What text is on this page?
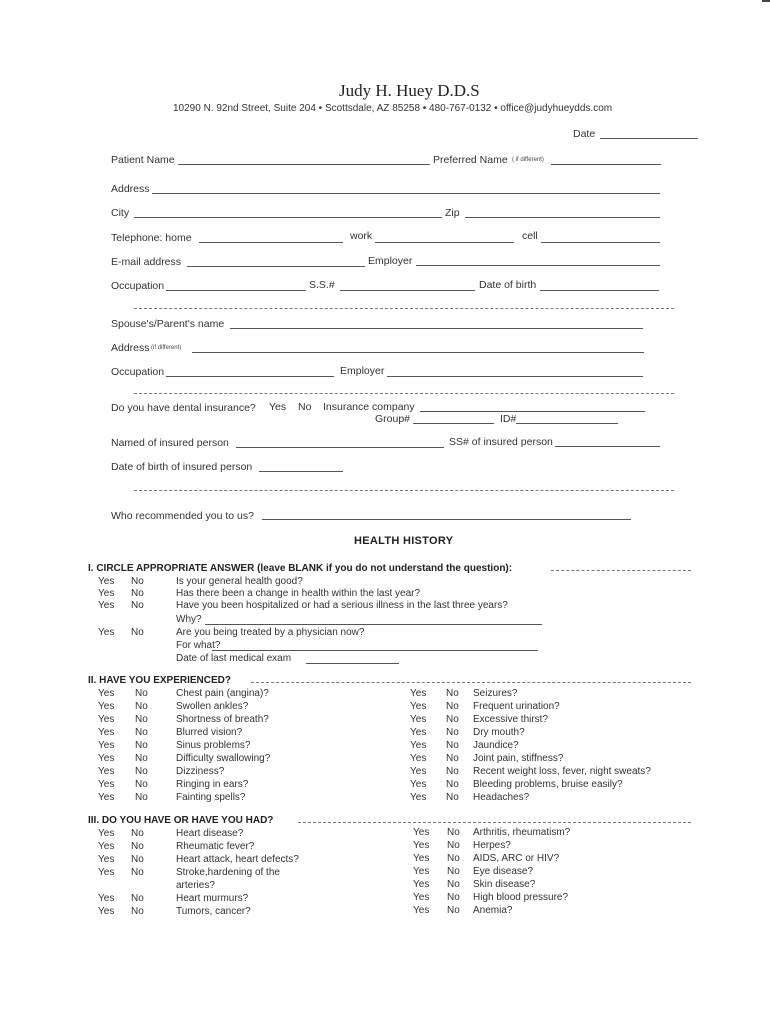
Judy H. Huey D.D.S
10290 N. 92nd Street, Suite 204 • Scottsdale, AZ 85258 • 480-767-0132 • office@judyhueydds.com
Date
Patient Name	Preferred Name ( if different)
Address
City	Zip
Telephone: home	work	cell
E-mail address	Employer
Occupation	S.S.#	Date of birth
Spouse's/Parent's name
Address (if different)
Occupation	Employer
Do you have dental insurance? Yes No Insurance company
Group#	ID#
Named of insured person	SS# of insured person
Date of birth of insured person
Who recommended you to us?
HEALTH HISTORY
I. CIRCLE APPROPRIATE ANSWER (leave BLANK if you do not understand the question):
Yes No	Is your general health good?
Yes No	Has there been a change in health within the last year?
Yes No	Have you been hospitalized or had a serious illness in the last three years?
Why?
Yes No	Are you being treated by a physician now?
For what?
Date of last medical exam
II. HAVE YOU EXPERIENCED?
Yes No	Chest pain (angina)?
Yes No	Swollen ankles?
Yes No	Shortness of breath?
Yes No	Blurred vision?
Yes No	Sinus problems?
Yes No	Difficulty swallowing?
Yes No	Dizziness?
Yes No	Ringing in ears?
Yes No	Fainting spells?
Yes No Seizures?
Yes No Frequent urination?
Yes No Excessive thirst?
Yes No Dry mouth?
Yes No Jaundice?
Yes No Joint pain, stiffness?
Yes No Recent weight loss, fever, night sweats?
Yes No Bleeding problems, bruise easily?
Yes No Headaches?
III. DO YOU HAVE OR HAVE YOU HAD?
Yes No	Heart disease?
Yes No	Rheumatic fever?
Yes No	Heart attack, heart defects?
Yes No	Stroke,hardening of the
arteries?
Yes No	Heart murmurs?
Yes No	Tumors, cancer?
Yes No Arthritis, rheumatism?
Yes No Herpes?
Yes No AIDS, ARC or HIV?
Yes No Eye disease?
Yes No Skin disease?
Yes No High blood pressure?
Yes No Anemia?
